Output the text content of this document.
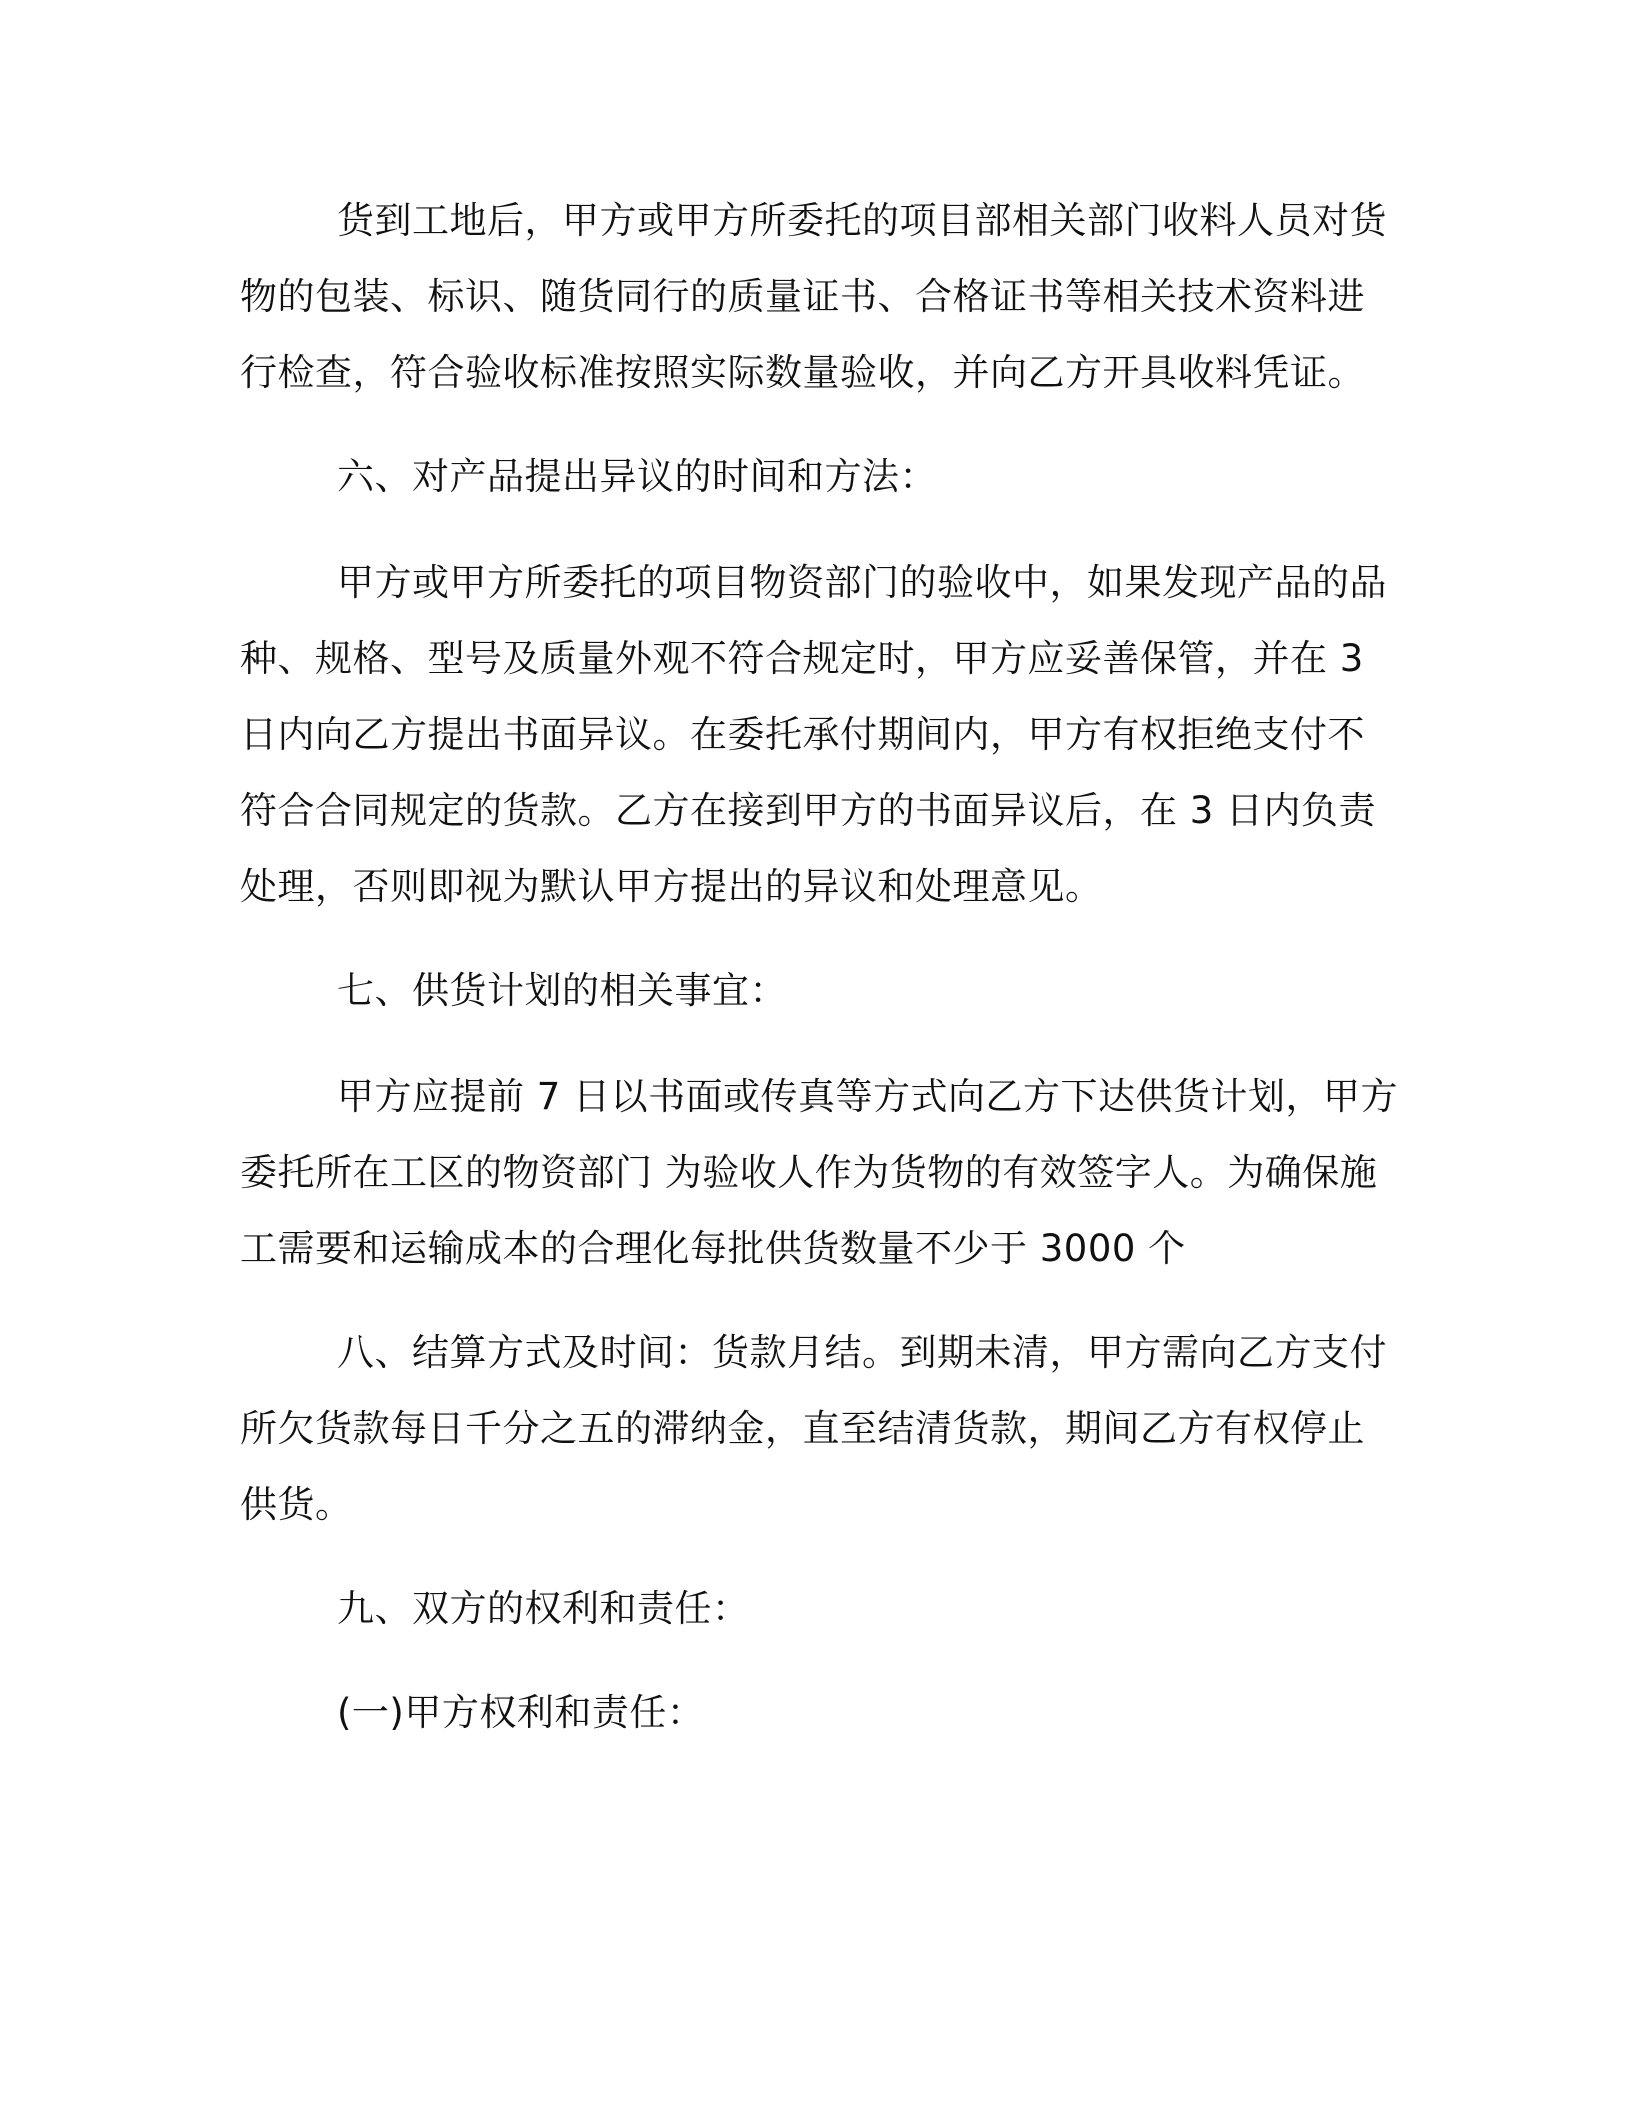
货到工地后，甲方或甲方所委托的项目部相关部门收料人员对货
物的包装、标识、随货同行的质量证书、合格证书等相关技术资料进
行检查，符合验收标准按照实际数量验收，并向乙方开具收料凭证。
六、对产品提出异议的时间和方法：
甲方或甲方所委托的项目物资部门的验收中，如果发现产品的品
种、规格、型号及质量外观不符合规定时，甲方应妥善保管，并在 3
日内向乙方提出书面异议。在委托承付期间内，甲方有权拒绝支付不
符合合同规定的货款。乙方在接到甲方的书面异议后，在 3 日内负责
处理，否则即视为默认甲方提出的异议和处理意见。
七、供货计划的相关事宜：
甲方应提前 7 日以书面或传真等方式向乙方下达供货计划，甲方
委托所在工区的物资部门 为验收人作为货物的有效签字人。为确保施
工需要和运输成本的合理化每批供货数量不少于 3000 个
八、结算方式及时间：货款月结。到期未清，甲方需向乙方支付
所欠货款每日千分之五的滞纳金，直至结清货款，期间乙方有权停止
供货。
九、双方的权利和责任：
(一)甲方权利和责任：
